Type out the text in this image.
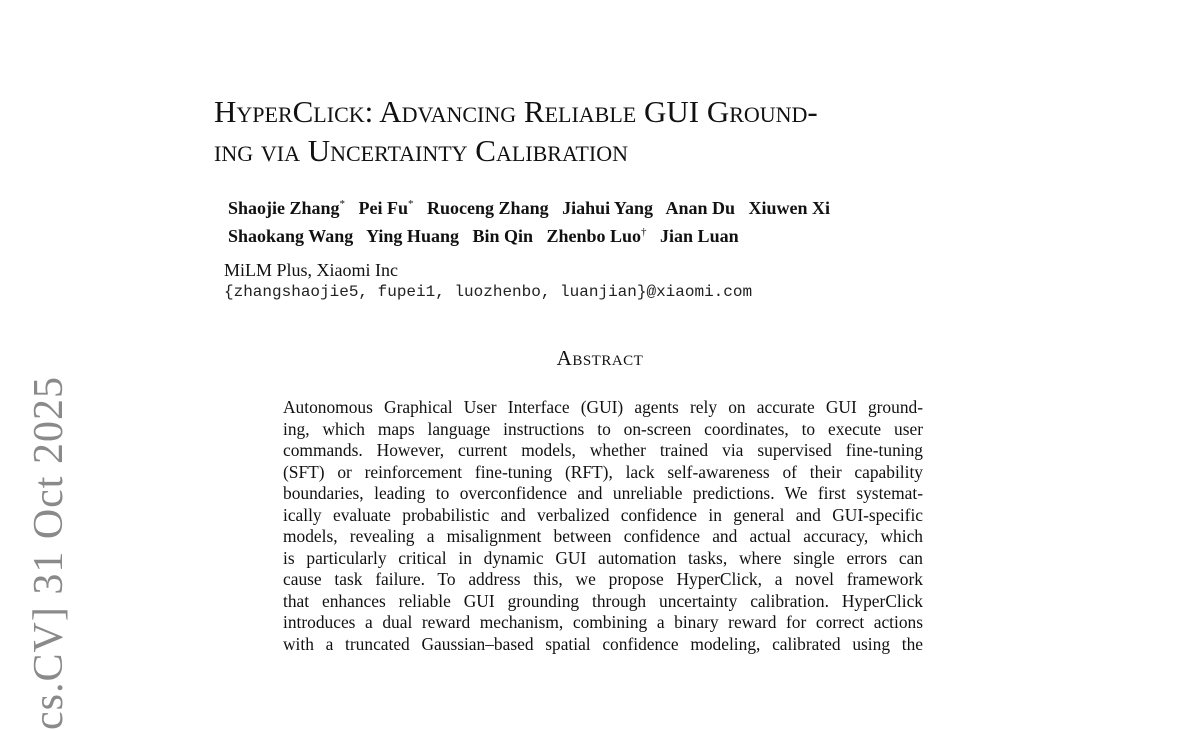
cs.CV] 31 Oct 2025
HyperClick: Advancing Reliable GUI Ground-
ing via Uncertainty Calibration
Shaojie Zhang* Pei Fu* Ruoceng Zhang Jiahui Yang Anan Du Xiuwen Xi
Shaokang Wang Ying Huang Bin Qin Zhenbo Luo† Jian Luan
MiLM Plus, Xiaomi Inc
{zhangshaojie5, fupei1, luozhenbo, luanjian}@xiaomi.com
Abstract
Autonomous Graphical User Interface (GUI) agents rely on accurate GUI ground-
ing, which maps language instructions to on-screen coordinates, to execute user
commands. However, current models, whether trained via supervised fine-tuning
(SFT) or reinforcement fine-tuning (RFT), lack self-awareness of their capability
boundaries, leading to overconfidence and unreliable predictions. We first systemat-
ically evaluate probabilistic and verbalized confidence in general and GUI-specific
models, revealing a misalignment between confidence and actual accuracy, which
is particularly critical in dynamic GUI automation tasks, where single errors can
cause task failure. To address this, we propose HyperClick, a novel framework
that enhances reliable GUI grounding through uncertainty calibration. HyperClick
introduces a dual reward mechanism, combining a binary reward for correct actions
with a truncated Gaussian–based spatial confidence modeling, calibrated using the
